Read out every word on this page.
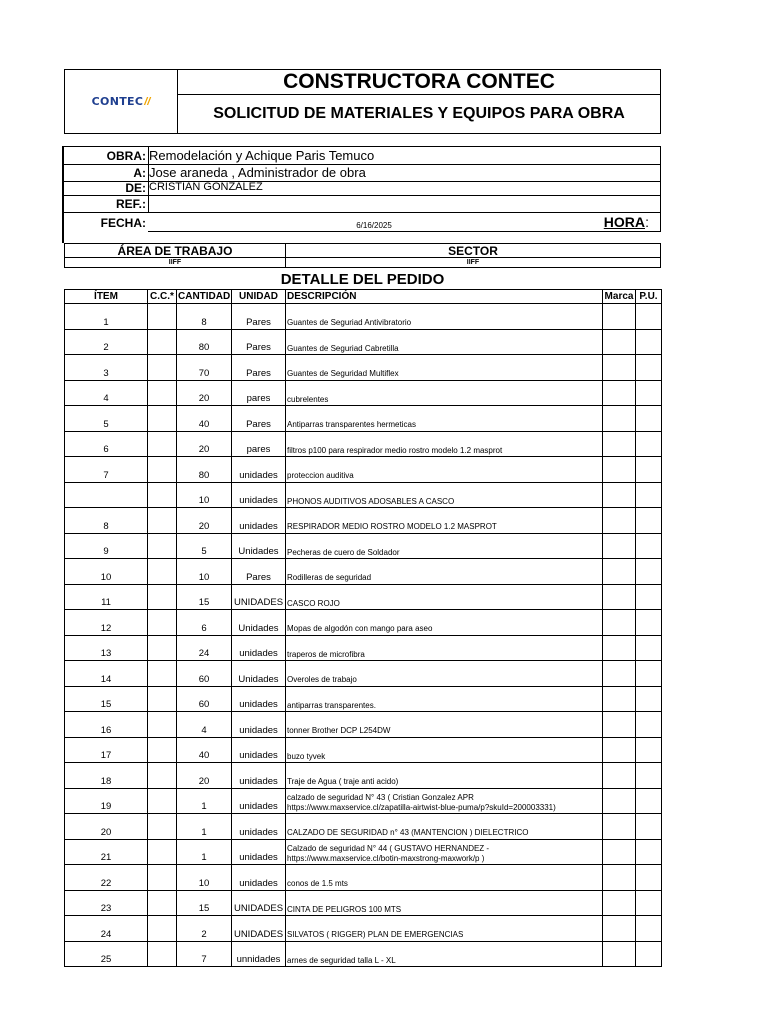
CONTEC //
CONSTRUCTORA CONTEC
SOLICITUD DE MATERIALES Y EQUIPOS PARA OBRA
OBRA: Remodelación y Achique Paris Temuco
A: Jose araneda , Administrador de obra
DE: CRISTIAN GONZALEZ
REF.:
FECHA:	6/16/2025	HORA :
ÁREA DE TRABAJO	SECTOR
IIFF	IIFF
DETALLE DEL PEDIDO
ÍTEM	C.C.*	CANTIDAD	UNIDAD	DESCRIPCIÓN	Marca	P.U.
1		8	Pares	Guantes de Seguriad Antivibratorio		
2		80	Pares	Guantes de Seguriad Cabretilla		
3		70	Pares	Guantes de Seguridad Multiflex		
4		20	pares	cubrelentes		
5		40	Pares	Antiparras transparentes hermeticas		
6		20	pares	filtros p100 para respirador medio rostro modelo 1.2 masprot		
7		80	unidades	proteccion auditiva		
		10	unidades	PHONOS AUDITIVOS ADOSABLES A CASCO		
8		20	unidades	RESPIRADOR MEDIO ROSTRO MODELO 1.2 MASPROT		
9		5	Unidades	Pecheras de cuero de Soldador		
10		10	Pares	Rodilleras de seguridad		
11		15	UNIDADES	CASCO ROJO		
12		6	Unidades	Mopas de algodón con mango para aseo		
13		24	unidades	traperos de microfibra		
14		60	Unidades	Overoles de trabajo		
15		60	unidades	antiparras transparentes.		
16		4	unidades	tonner Brother DCP L254DW		
17		40	unidades	buzo tyvek		
18		20	unidades	Traje de Agua ( traje anti acido)		
19		1	unidades	calzado de seguridad N° 43 ( Cristian Gonzalez APR https://www.maxservice.cl/zapatilla-airtwist-blue-puma/p?skuId=200003331)		
20		1	unidades	CALZADO DE SEGURIDAD n° 43 (MANTENCION ) DIELECTRICO		
21		1	unidades	Calzado de seguridad N° 44 ( GUSTAVO HERNANDEZ - https://www.maxservice.cl/botin-maxstrong-maxwork/p )		
22		10	unidades	conos de 1.5 mts		
23		15	UNIDADES	CINTA DE PELIGROS 100 MTS		
24		2	UNIDADES	SILVATOS ( RIGGER) PLAN DE EMERGENCIAS		
25		7	unnidades	arnes de seguridad talla L - XL		
